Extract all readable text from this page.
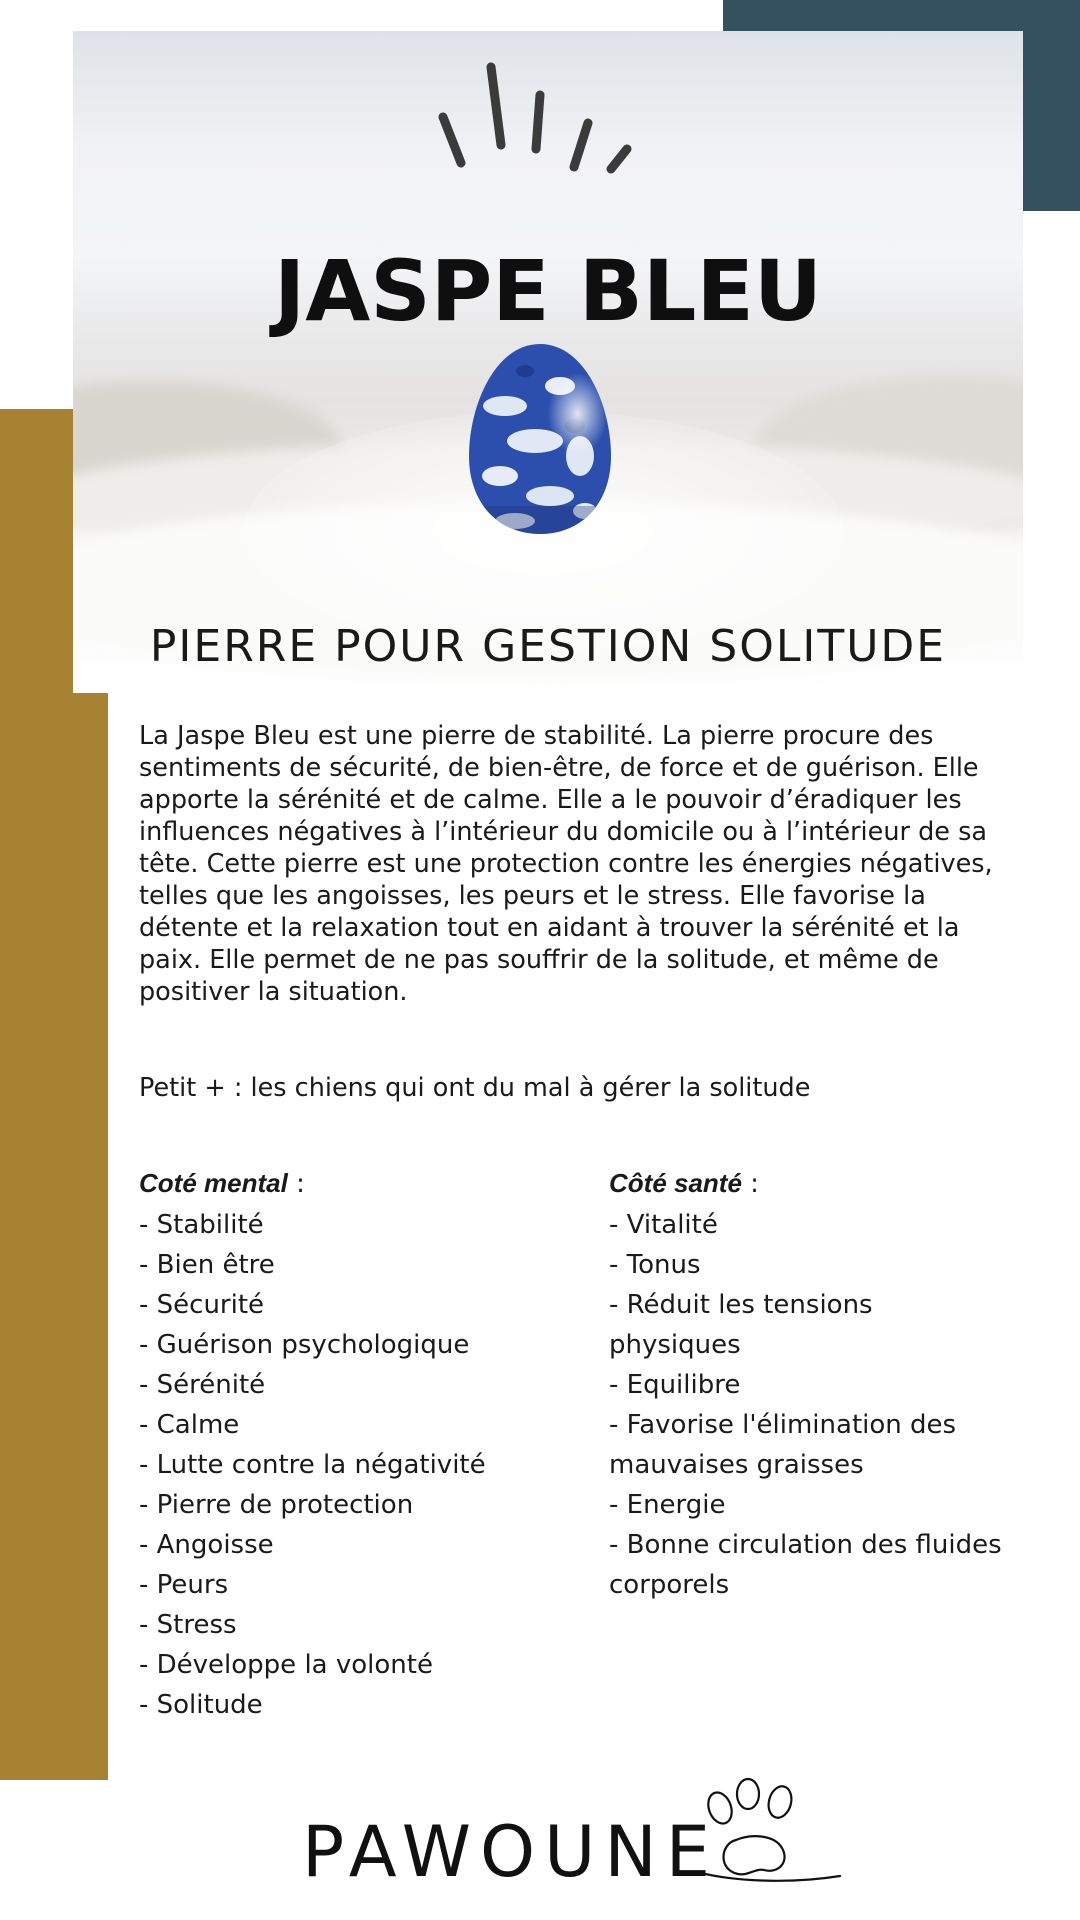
JASPE BLEU
PIERRE POUR GESTION SOLITUDE

La Jaspe Bleu est une pierre de stabilité. La pierre procure des sentiments de sécurité, de bien-être, de force et de guérison. Elle apporte la sérénité et de calme. Elle a le pouvoir d’éradiquer les influences négatives à l’intérieur du domicile ou à l’intérieur de sa tête. Cette pierre est une protection contre les énergies négatives, telles que les angoisses, les peurs et le stress. Elle favorise la détente et la relaxation tout en aidant à trouver la sérénité et la paix. Elle permet de ne pas souffrir de la solitude, et même de positiver la situation.

Petit + : les chiens qui ont du mal à gérer la solitude

Coté mental :
- Stabilité
- Bien être
- Sécurité
- Guérison psychologique
- Sérénité
- Calme
- Lutte contre la négativité
- Pierre de protection
- Angoisse
- Peurs
- Stress
- Développe la volonté
- Solitude
Côté santé :
- Vitalité
- Tonus
- Réduit les tensions physiques
- Equilibre
- Favorise l'élimination des mauvaises graisses
- Energie
- Bonne circulation des fluides corporels
PAWOUNE
